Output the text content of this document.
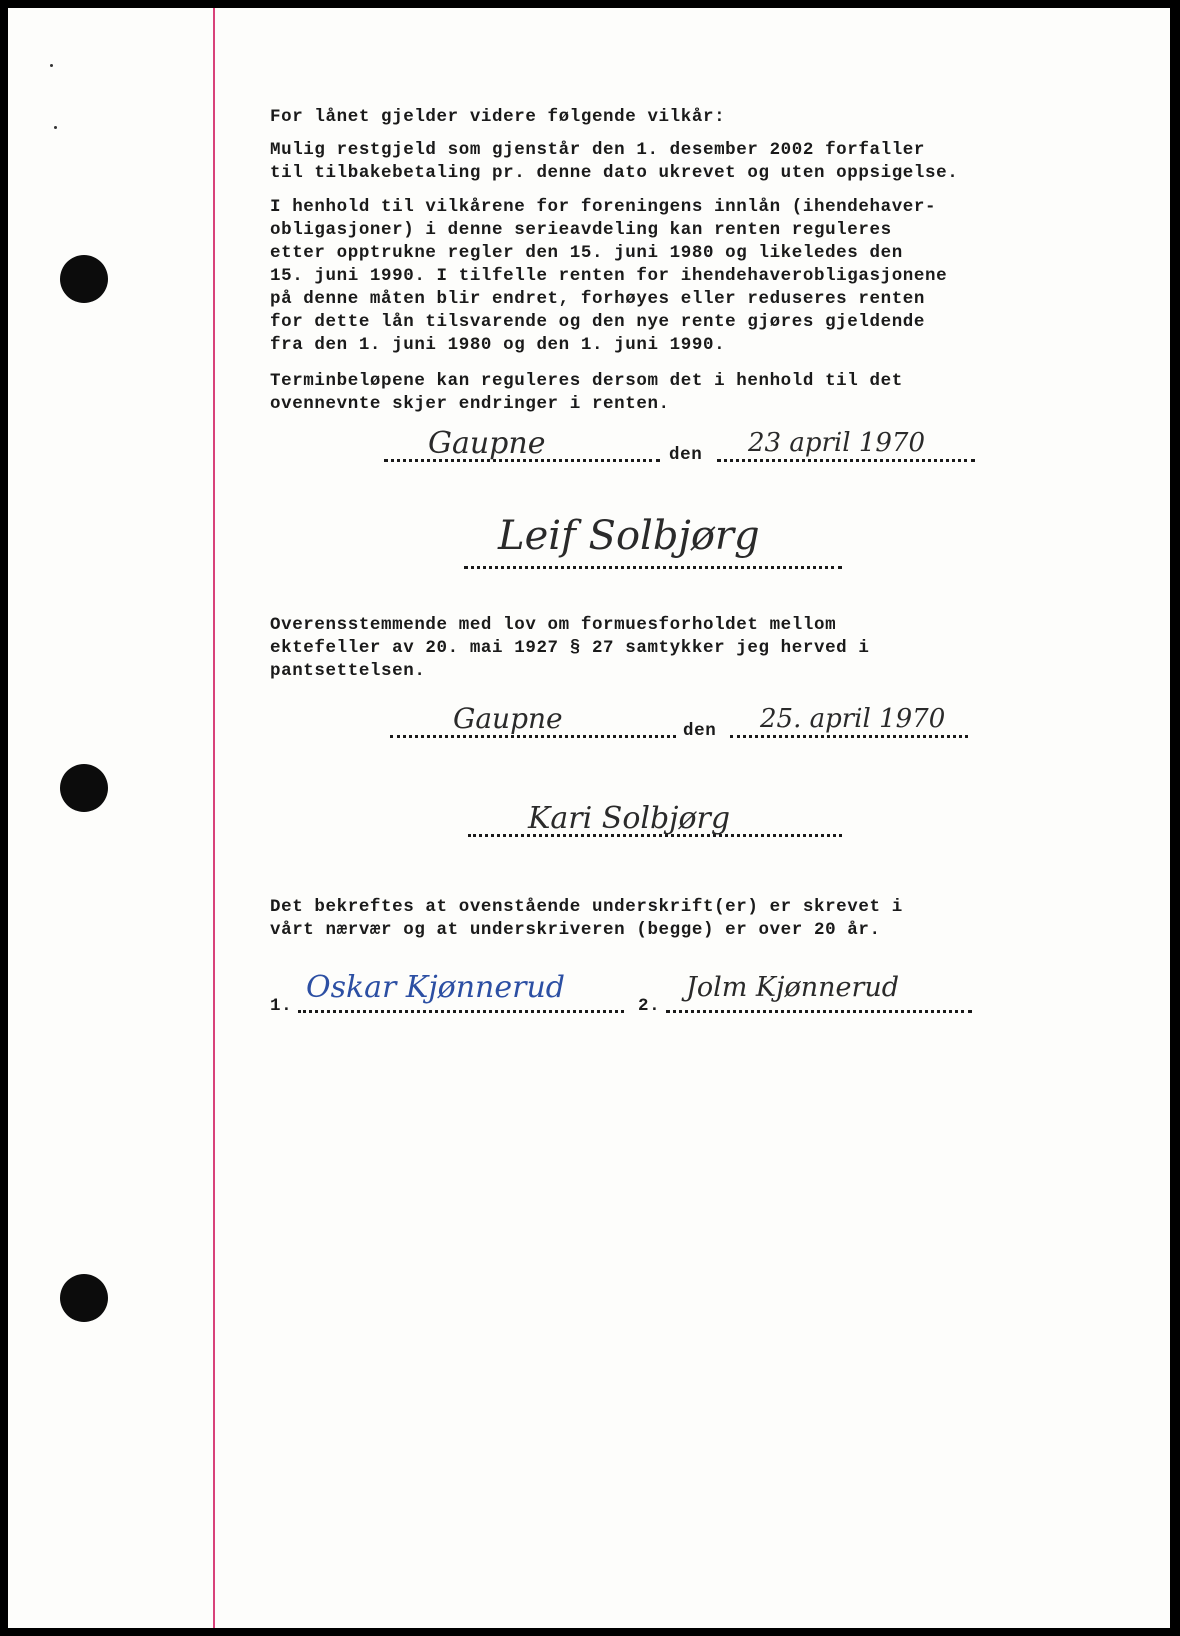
For lånet gjelder videre følgende vilkår:
Mulig restgjeld som gjenstår den 1. desember 2002 forfaller
til tilbakebetaling pr. denne dato ukrevet og uten oppsigelse.
I henhold til vilkårene for foreningens innlån (ihendehaver-
obligasjoner) i denne serieavdeling kan renten reguleres
etter opptrukne regler den 15. juni 1980 og likeledes den
15. juni 1990. I tilfelle renten for ihendehaverobligasjonene
på denne måten blir endret, forhøyes eller reduseres renten
for dette lån tilsvarende og den nye rente gjøres gjeldende
fra den 1. juni 1980 og den 1. juni 1990.
Terminbeløpene kan reguleres dersom det i henhold til det
ovennevnte skjer endringer i renten.
Gaupne	den 23 april 1970
Leif Solbjørg
Overensstemmende med lov om formuesforholdet mellom
ektefeller av 20. mai 1927 § 27 samtykker jeg herved i
pantsettelsen.
Gaupne	den 25. april 1970
Kari Solbjørg
Det bekreftes at ovenstående underskrift(er) er skrevet i
vårt nærvær og at underskriveren (begge) er over 20 år.
1.
Oskar Kjønnerud
2.
Jolm Kjønnerud
